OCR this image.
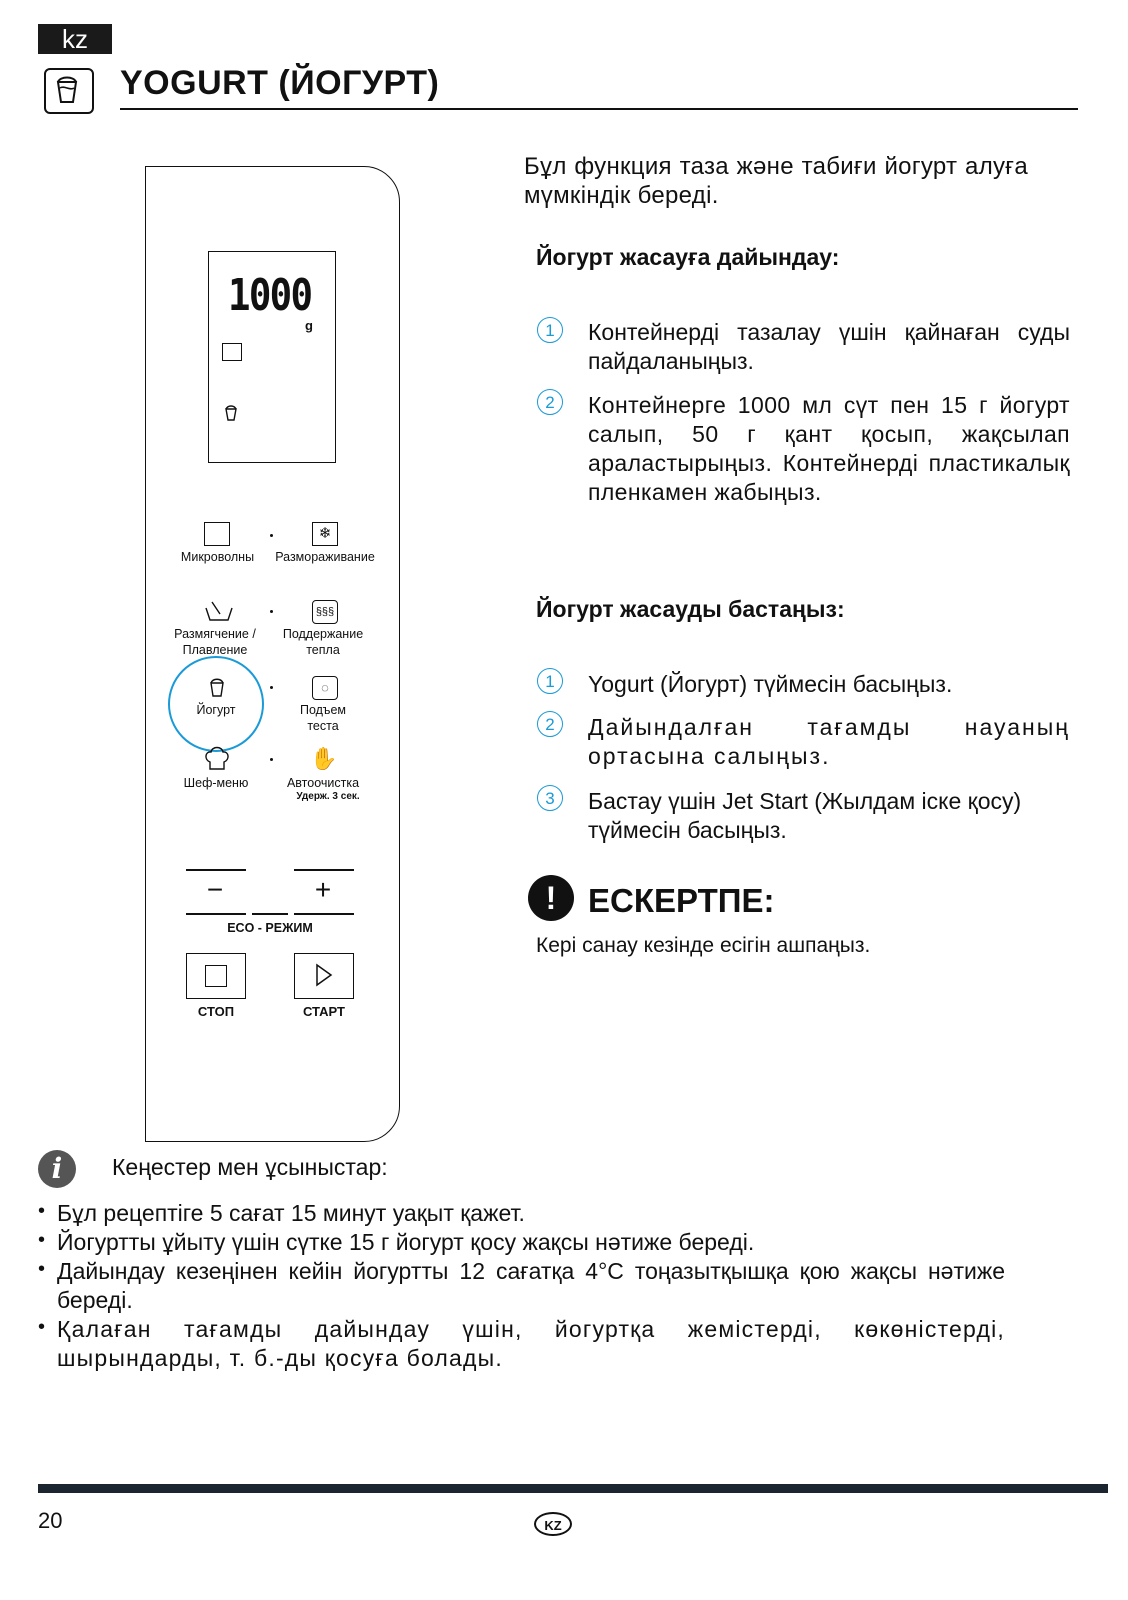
kz
YOGURT (ЙОГУРТ)
1000
g
❄
Микроволны	Размораживание
§§§
Размягчение /
Плавление
Поддержание
тепла
◌
Йогурт	Подъем
теста
✋
Шеф-меню	Автоочистка
Удерж. 3 сек.
−	+
ECO - РЕЖИМ
СТОП	СТАРТ
Бұл функция таза және табиғи йогурт алуға мүмкіндік береді.
Йогурт жасауға дайындау:
1	Контейнерді тазалау үшін қайнаған суды пайдаланыңыз.
2	Контейнерге 1000 мл сүт пен 15 г йогурт салып, 50 г қант қосып, жақсылап араластырыңыз. Контейнерді пластикалық пленкамен жабыңыз.
Йогурт жасауды бастаңыз:
1	Yogurt (Йогурт) түймесін басыңыз.
2	Дайындалған тағамды науаның ортасына салыңыз.
3	Бастау үшін Jet Start (Жылдам іске қосу) түймесін басыңыз.
! ЕСКЕРТПЕ:
Кері санау кезінде есігін ашпаңыз.
i	Кеңестер мен ұсыныстар:
• Бұл рецептіге 5 сағат 15 минут уақыт қажет.
• Йогуртты ұйыту үшін сүтке 15 г йогурт қосу жақсы нәтиже береді.
• Дайындау кезеңінен кейін йогуртты 12 сағатқа 4°C тоңазытқышқа қою жақсы нәтиже береді.
• Қалаған тағамды дайындау үшін, йогуртқа жемістерді, көкөністерді, шырындарды, т. б.-ды қосуға болады.
20	KZ
